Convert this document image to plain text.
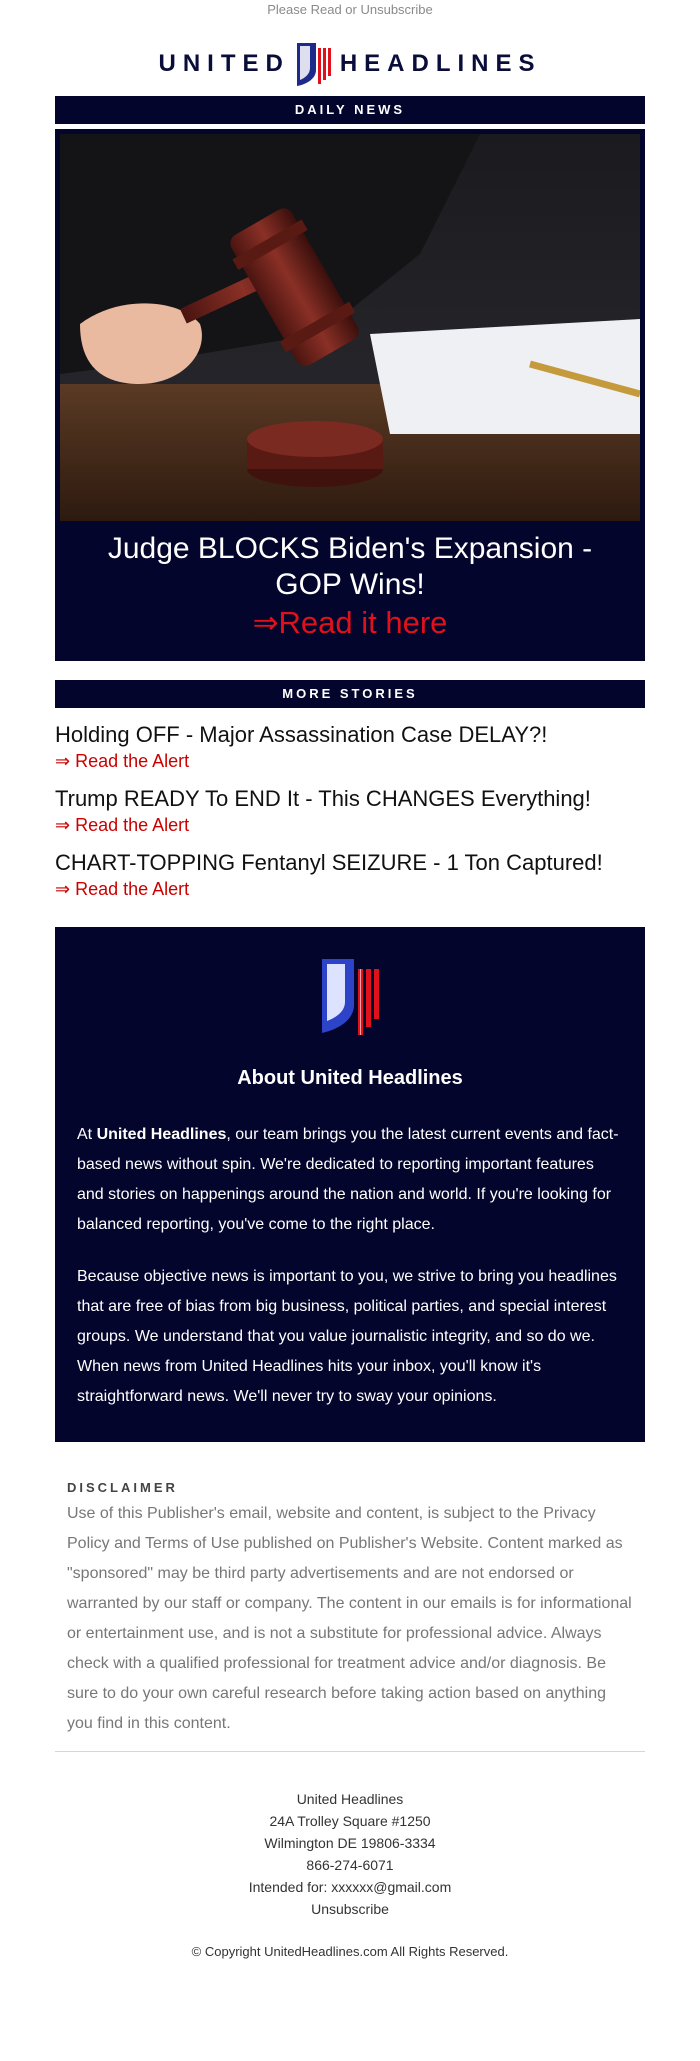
Please Read or Unsubscribe
UNITED HEADLINES
DAILY NEWS
Judge BLOCKS Biden's Expansion - GOP Wins!
⇒Read it here
MORE STORIES
Holding OFF - Major Assassination Case DELAY?!
⇒ Read the Alert
Trump READY To END It - This CHANGES Everything!
⇒ Read the Alert
CHART-TOPPING Fentanyl SEIZURE - 1 Ton Captured!
⇒ Read the Alert
About United Headlines

At United Headlines, our team brings you the latest current events and fact-based news without spin. We're dedicated to reporting important features and stories on happenings around the nation and world. If you're looking for balanced reporting, you've come to the right place.

Because objective news is important to you, we strive to bring you headlines that are free of bias from big business, political parties, and special interest groups. We understand that you value journalistic integrity, and so do we. When news from United Headlines hits your inbox, you'll know it's straightforward news. We'll never try to sway your opinions.

DISCLAIMER
Use of this Publisher's email, website and content, is subject to the Privacy Policy and Terms of Use published on Publisher's Website. Content marked as "sponsored" may be third party advertisements and are not endorsed or warranted by our staff or company. The content in our emails is for informational or entertainment use, and is not a substitute for professional advice. Always check with a qualified professional for treatment advice and/or diagnosis. Be sure to do your own careful research before taking action based on anything you find in this content.
United Headlines
24A Trolley Square #1250
Wilmington DE 19806-3334
866-274-6071
Intended for: xxxxxx@gmail.com
Unsubscribe
© Copyright UnitedHeadlines.com All Rights Reserved.
